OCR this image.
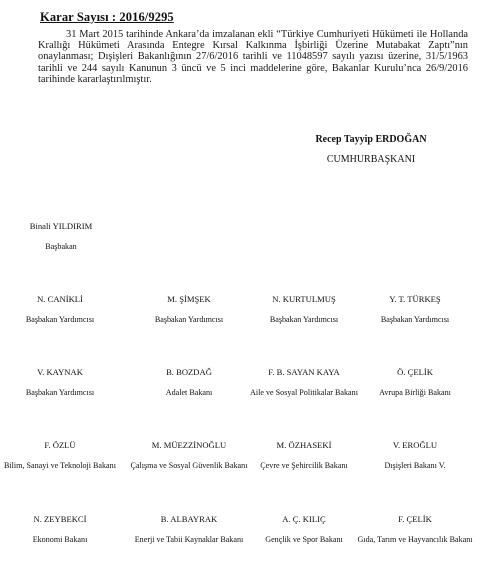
Karar Sayısı : 2016/9295
31 Mart 2015 tarihinde Ankara’da imzalanan ekli “Türkiye Cumhuriyeti Hükümeti ile Hollanda Krallığı Hükümeti Arasında Entegre Kırsal Kalkınma İşbirliği Üzerine Mutabakat Zaptı”nın onaylanması; Dışişleri Bakanlığının 27/6/2016 tarihli ve 11048597 sayılı yazısı üzerine, 31/5/1963 tarihli ve 244 sayılı Kanunun 3 üncü ve 5 inci maddelerine göre, Bakanlar Kurulu’nca 26/9/2016 tarihinde kararlaştırılmıştır.
Recep Tayyip ERDOĞAN
CUMHURBAŞKANI
Binali YILDIRIM
Başbakan
N. CANİKLİ
Başbakan Yardımcısı
M. ŞİMŞEK
Başbakan Yardımcısı
N. KURTULMUŞ
Başbakan Yardımcısı
Y. T. TÜRKEŞ
Başbakan Yardımcısı
V. KAYNAK
Başbakan Yardımcısı
B. BOZDAĞ
Adalet Bakanı
F. B. SAYAN KAYA
Aile ve Sosyal Politikalar Bakanı
Ö. ÇELİK
Avrupa Birliği Bakanı
F. ÖZLÜ
Bilim, Sanayi ve Teknoloji Bakanı
M. MÜEZZİNOĞLU
Çalışma ve Sosyal Güvenlik Bakanı
M. ÖZHASEKİ
Çevre ve Şehircilik Bakanı
V. EROĞLU
Dışişleri Bakanı V.
N. ZEYBEKCİ
Ekonomi Bakanı
B. ALBAYRAK
Enerji ve Tabii Kaynaklar Bakanı
A. Ç. KILIÇ
Gençlik ve Spor Bakanı
F. ÇELİK
Gıda, Tarım ve Hayvancılık Bakanı
